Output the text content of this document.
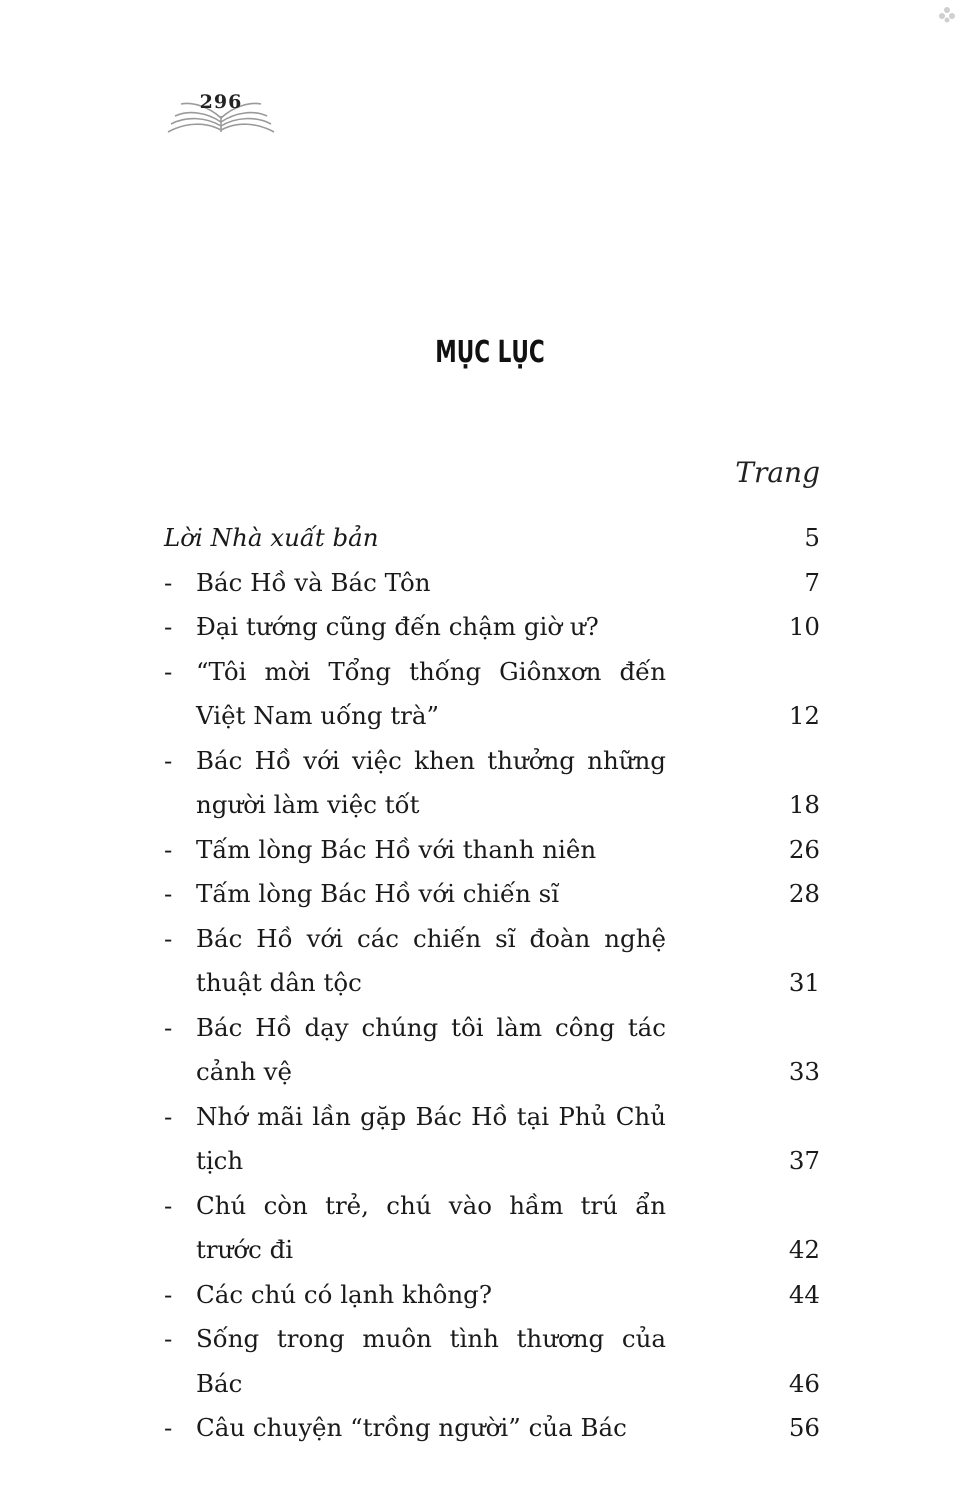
296
MỤC LỤC
Trang
Lời Nhà xuất bản	5
- Bác Hồ và Bác Tôn	7
- Đại tướng cũng đến chậm giờ ư?	10
- “Tôi mời Tổng thống Giônxơn đến Việt Nam uống trà”	12
- Bác Hồ với việc khen thưởng những người làm việc tốt	18
- Tấm lòng Bác Hồ với thanh niên	26
- Tấm lòng Bác Hồ với chiến sĩ	28
- Bác Hồ với các chiến sĩ đoàn nghệ thuật dân tộc	31
- Bác Hồ dạy chúng tôi làm công tác cảnh vệ	33
- Nhớ mãi lần gặp Bác Hồ tại Phủ Chủ tịch	37
- Chú còn trẻ, chú vào hầm trú ẩn trước đi	42
- Các chú có lạnh không?	44
- Sống trong muôn tình thương của Bác	46
- Câu chuyện “trồng người” của Bác	56
